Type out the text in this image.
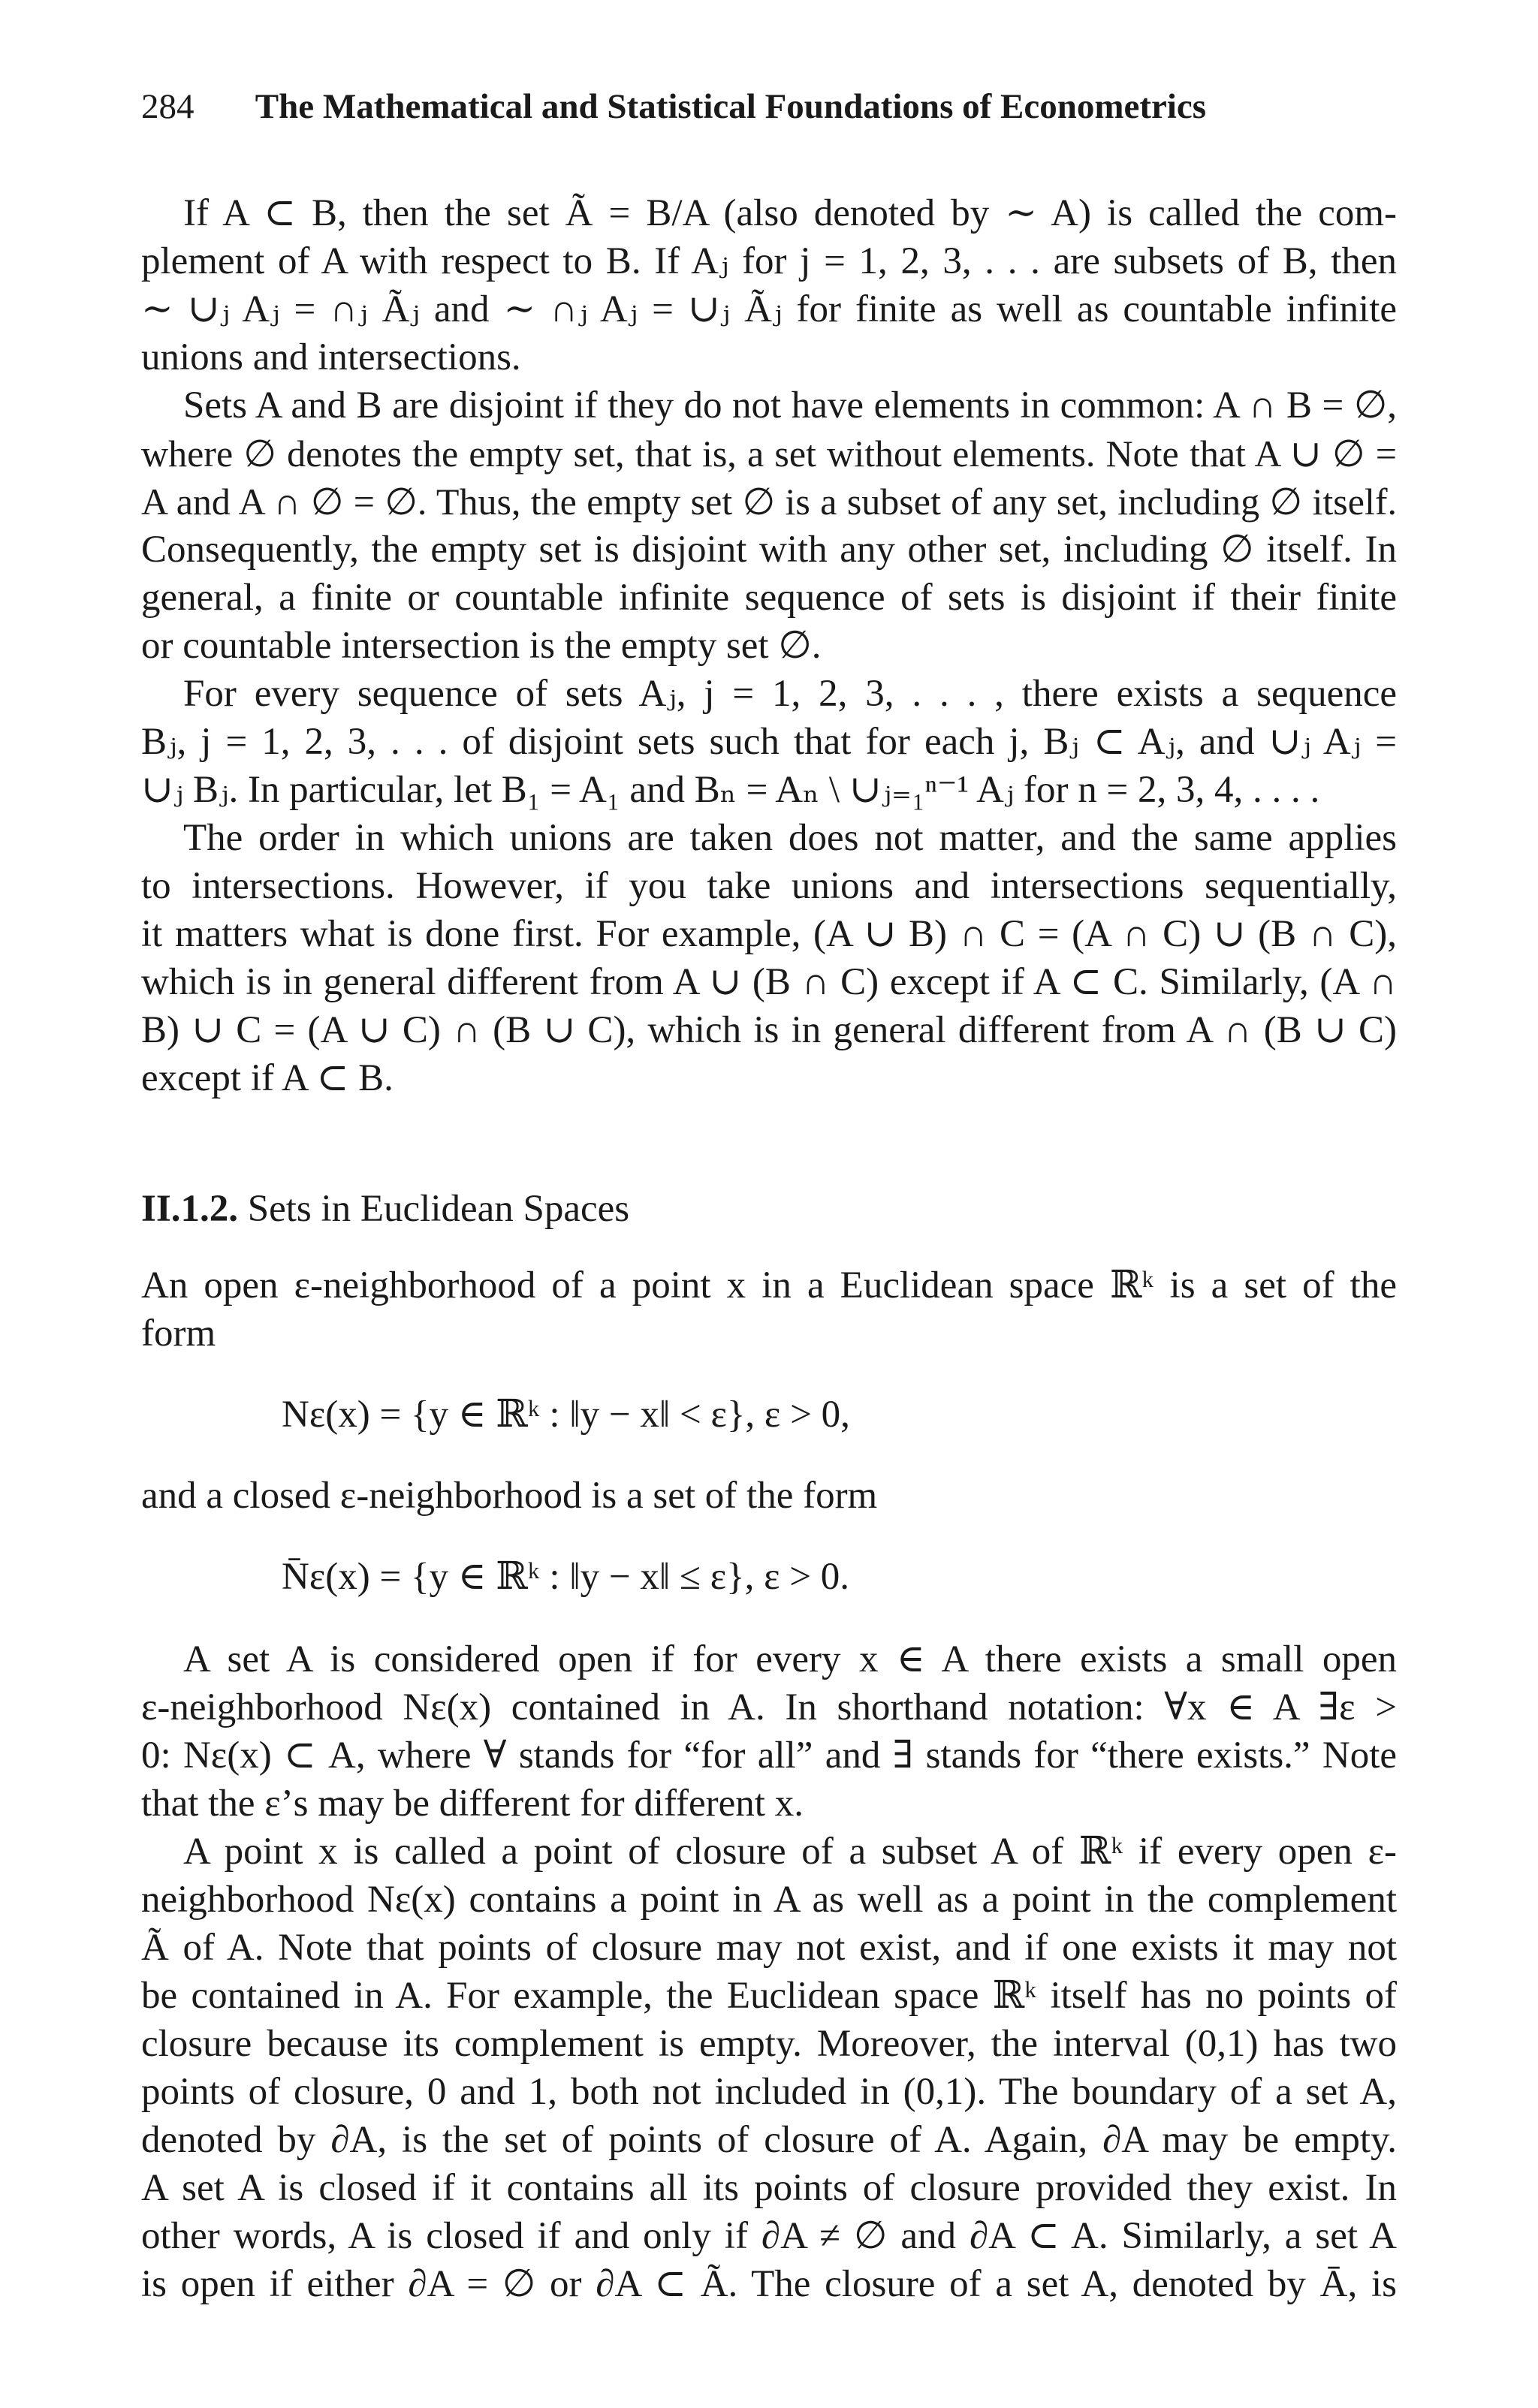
284 The Mathematical and Statistical Foundations of Econometrics
If A ⊂ B, then the set Ã = B/A (also denoted by ∼ A) is called the com-
plement of A with respect to B. If Aⱼ for j = 1, 2, 3, . . . are subsets of B, then
∼ ∪ⱼ Aⱼ = ∩ⱼ Ãⱼ and ∼ ∩ⱼ Aⱼ = ∪ⱼ Ãⱼ for finite as well as countable infinite
unions and intersections.
Sets A and B are disjoint if they do not have elements in common: A ∩ B = ∅,
where ∅ denotes the empty set, that is, a set without elements. Note that A ∪ ∅ =
A and A ∩ ∅ = ∅. Thus, the empty set ∅ is a subset of any set, including ∅ itself.
Consequently, the empty set is disjoint with any other set, including ∅ itself. In
general, a finite or countable infinite sequence of sets is disjoint if their finite
or countable intersection is the empty set ∅.
For every sequence of sets Aⱼ, j = 1, 2, 3, . . . , there exists a sequence
Bⱼ, j = 1, 2, 3, . . . of disjoint sets such that for each j, Bⱼ ⊂ Aⱼ, and ∪ⱼ Aⱼ =
∪ⱼ Bⱼ. In particular, let B₁ = A₁ and Bₙ = Aₙ \ ∪ⱼ₌₁ⁿ⁻¹ Aⱼ for n = 2, 3, 4, . . . .
The order in which unions are taken does not matter, and the same applies
to intersections. However, if you take unions and intersections sequentially,
it matters what is done first. For example, (A ∪ B) ∩ C = (A ∩ C) ∪ (B ∩ C),
which is in general different from A ∪ (B ∩ C) except if A ⊂ C. Similarly, (A ∩
B) ∪ C = (A ∪ C) ∩ (B ∪ C), which is in general different from A ∩ (B ∪ C)
except if A ⊂ B.
II.1.2. Sets in Euclidean Spaces
An open ε-neighborhood of a point x in a Euclidean space ℝᵏ is a set of the
form
Nε(x) = {y ∈ ℝᵏ : ‖y − x‖ < ε}, ε > 0,
and a closed ε-neighborhood is a set of the form
N̄ε(x) = {y ∈ ℝᵏ : ‖y − x‖ ≤ ε}, ε > 0.
A set A is considered open if for every x ∈ A there exists a small open
ε-neighborhood Nε(x) contained in A. In shorthand notation: ∀x ∈ A ∃ε >
0: Nε(x) ⊂ A, where ∀ stands for “for all” and ∃ stands for “there exists.” Note
that the ε’s may be different for different x.
A point x is called a point of closure of a subset A of ℝᵏ if every open ε-
neighborhood Nε(x) contains a point in A as well as a point in the complement
Ã of A. Note that points of closure may not exist, and if one exists it may not
be contained in A. For example, the Euclidean space ℝᵏ itself has no points of
closure because its complement is empty. Moreover, the interval (0,1) has two
points of closure, 0 and 1, both not included in (0,1). The boundary of a set A,
denoted by ∂A, is the set of points of closure of A. Again, ∂A may be empty.
A set A is closed if it contains all its points of closure provided they exist. In
other words, A is closed if and only if ∂A ≠ ∅ and ∂A ⊂ A. Similarly, a set A
is open if either ∂A = ∅ or ∂A ⊂ Ã. The closure of a set A, denoted by Ā, is
